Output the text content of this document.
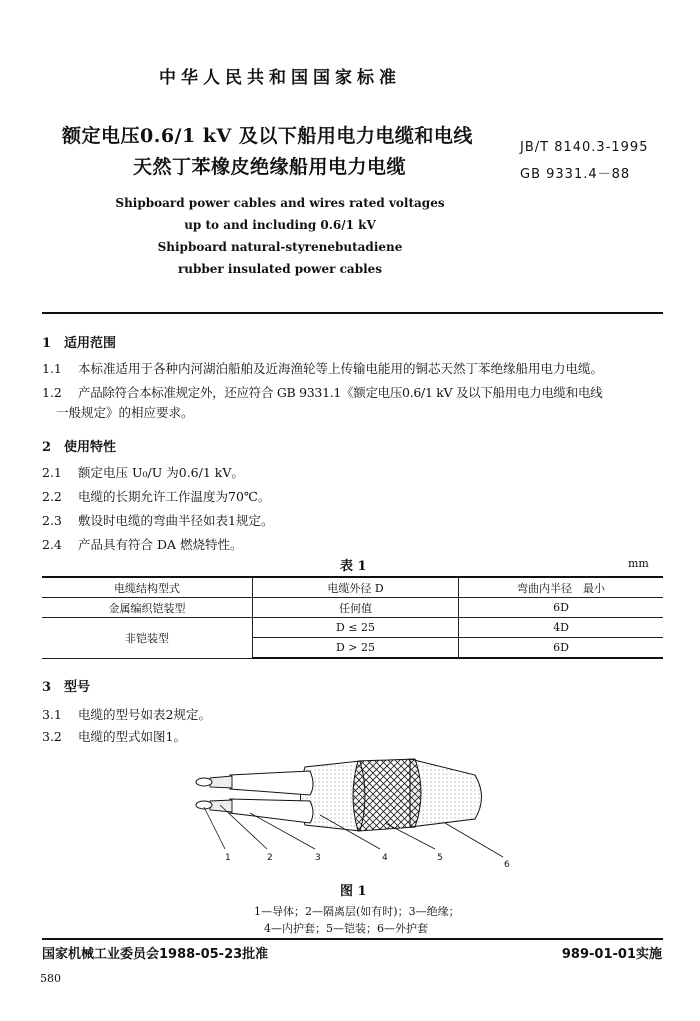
中华人民共和国国家标准
额定电压0.6/1 kV 及以下船用电力电缆和电线
天然丁苯橡皮绝缘船用电力电缆
JB/T 8140.3-1995
GB 9331.4－88
Shipboard power cables and wires rated voltages
up to and including 0.6/1 kV
Shipboard natural-styrenebutadiene
rubber insulated power cables
1　适用范围
1.1 本标准适用于各种内河湖泊船舶及近海渔轮等上传输电能用的铜芯天然丁苯绝缘船用电力电缆。
1.2 产品除符合本标准规定外，还应符合 GB 9331.1《额定电压0.6/1 kV 及以下船用电力电缆和电线
一般规定》的相应要求。
2　使用特性
2.1 额定电压 U₀/U 为0.6/1 kV。
2.2 电缆的长期允许工作温度为70℃。
2.3 敷设时电缆的弯曲半径如表1规定。
2.4 产品具有符合 DA 燃烧特性。
表 1	mm
电缆结构型式	电缆外径 D	弯曲内半径　最小
金属编织铠装型	任何值	6D
非铠装型	D ≤ 25	4D
	D > 25	6D
3　型号
3.1 电缆的型号如表2规定。
3.2 电缆的型式如图1。
1	2	3	4	5
6
图 1
1—导体；2—隔离层(如有时)；3—绝缘；
4—内护套；5—铠装；6—外护套
国家机械工业委员会1988-05-23批准	989-01-01实施
580
